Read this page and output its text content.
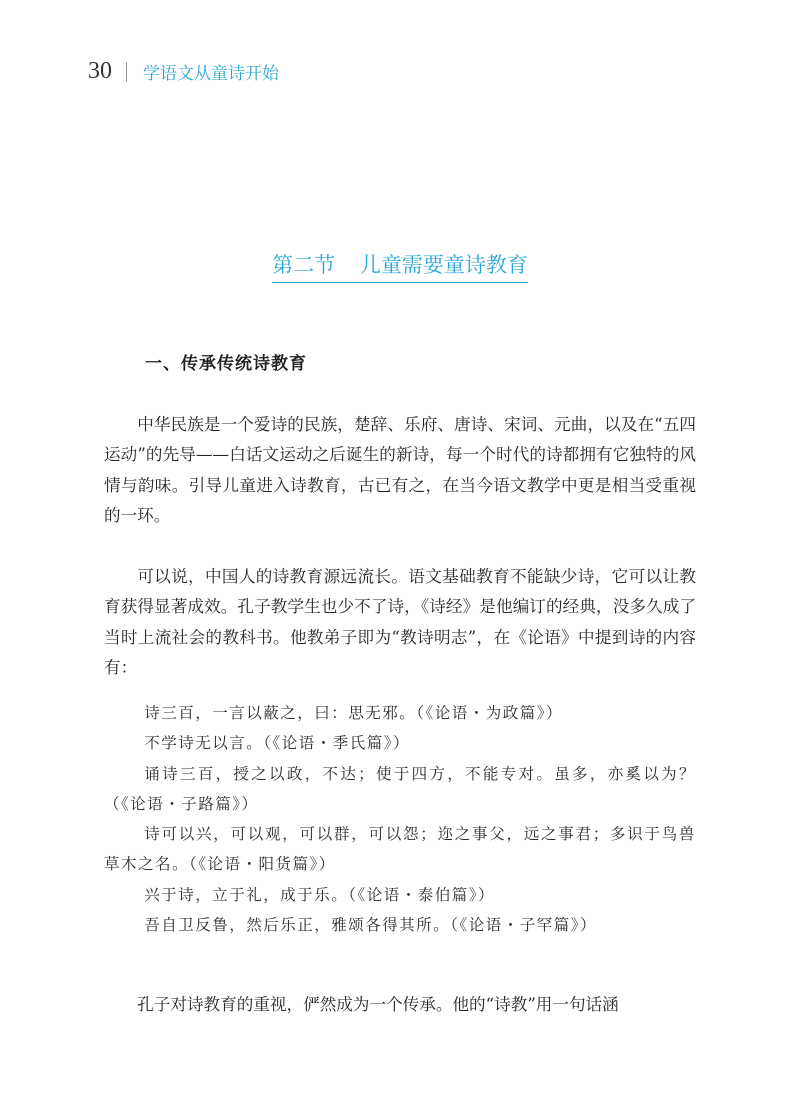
30 学语文从童诗开始
第二节 儿童需要童诗教育
一、传承传统诗教育

中华民族是一个爱诗的民族，楚辞、乐府、唐诗、宋词、元曲，以及在“五四运动”的先导——白话文运动之后诞生的新诗，每一个时代的诗都拥有它独特的风情与韵味。引导儿童进入诗教育，古已有之，在当今语文教学中更是相当受重视的一环。

可以说，中国人的诗教育源远流长。语文基础教育不能缺少诗，它可以让教育获得显著成效。孔子教学生也少不了诗，《诗经》是他编订的经典，没多久成了当时上流社会的教科书。他教弟子即为“教诗明志”，在《论语》中提到诗的内容有：

诗三百，一言以蔽之，曰：思无邪。（《论语・为政篇》）

不学诗无以言。（《论语・季氏篇》）

诵诗三百，授之以政，不达；使于四方，不能专对。虽多，亦奚以为？（《论语・子路篇》）

诗可以兴，可以观，可以群，可以怨；迩之事父，远之事君；多识于鸟兽草木之名。（《论语・阳货篇》）

兴于诗，立于礼，成于乐。（《论语・泰伯篇》）

吾自卫反鲁，然后乐正，雅颂各得其所。（《论语・子罕篇》）

孔子对诗教育的重视，俨然成为一个传承。他的“诗教”用一句话涵
